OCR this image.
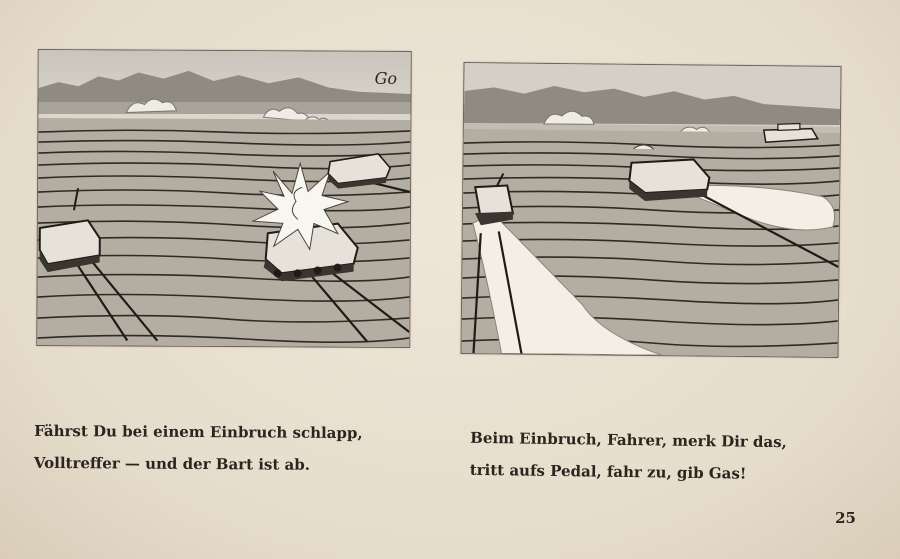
Go

Fährst Du bei einem Einbruch schlapp,

Volltreffer — und der Bart ist ab.

Beim Einbruch, Fahrer, merk Dir das,

tritt aufs Pedal, fahr zu, gib Gas!

25
